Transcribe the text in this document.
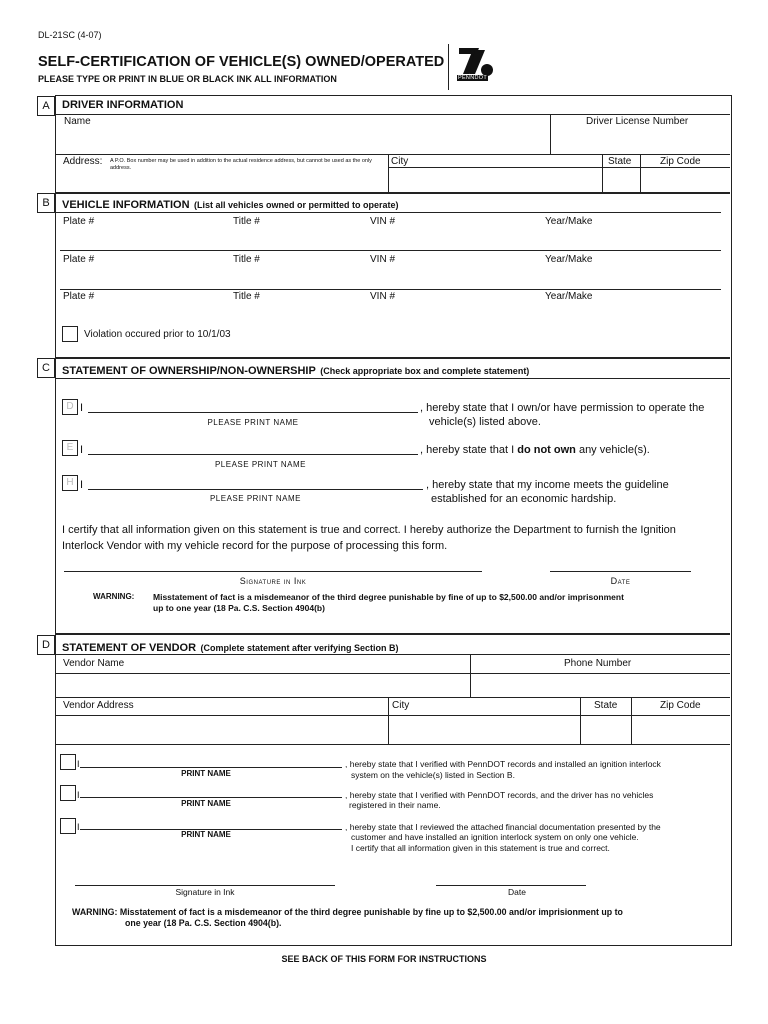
DL-21SC (4-07)
SELF-CERTIFICATION OF VEHICLE(S) OWNED/OPERATED
PLEASE TYPE OR PRINT IN BLUE OR BLACK INK ALL INFORMATION	PENNDOT
A	DRIVER INFORMATION
Name	Driver License Number
Address: A P.O. Box number may be used in addition to the actual residence address, but cannot be used as the only address.
City	State	Zip Code
B	VEHICLE INFORMATION (List all vehicles owned or permitted to operate)
Plate #	Title #	VIN #	Year/Make
Plate #	Title #	VIN #	Year/Make
Plate #	Title #	VIN #	Year/Make
Violation occured prior to 10/1/03
C	STATEMENT OF OWNERSHIP/NON-OWNERSHIP (Check appropriate box and complete statement)
D I
PLEASE PRINT NAME
, hereby state that I own/or have permission to operate the
vehicle(s) listed above.
E I
PLEASE PRINT NAME
, hereby state that I do not own any vehicle(s).
H I
PLEASE PRINT NAME
, hereby state that my income meets the guideline
established for an economic hardship.
I certify that all information given on this statement is true and correct. I hereby authorize the Department to furnish the Ignition
Interlock Vendor with my vehicle record for the purpose of processing this form.
Signature in Ink	Date
WARNING: Misstatement of fact is a misdemeanor of the third degree punishable by fine of up to $2,500.00 and/or imprisonment
up to one year (18 Pa. C.S. Section 4904(b)
D	STATEMENT OF VENDOR (Complete statement after verifying Section B)
Vendor Name	Phone Number
Vendor Address	City	State	Zip Code
I
PRINT NAME
, hereby state that I verified with PennDOT records and installed an ignition interlock
system on the vehicle(s) listed in Section B.
I
PRINT NAME
, hereby state that I verified with PennDOT records, and the driver has no vehicles
registered in their name.
I
PRINT NAME
, hereby state that I reviewed the attached financial documentation presented by the
customer and have installed an ignition interlock system on only one vehicle.
I certify that all information given in this statement is true and correct.
Signature in Ink	Date
WARNING: Misstatement of fact is a misdemeanor of the third degree punishable by fine up to $2,500.00 and/or imprisionment up to
one year (18 Pa. C.S. Section 4904(b).
SEE BACK OF THIS FORM FOR INSTRUCTIONS
